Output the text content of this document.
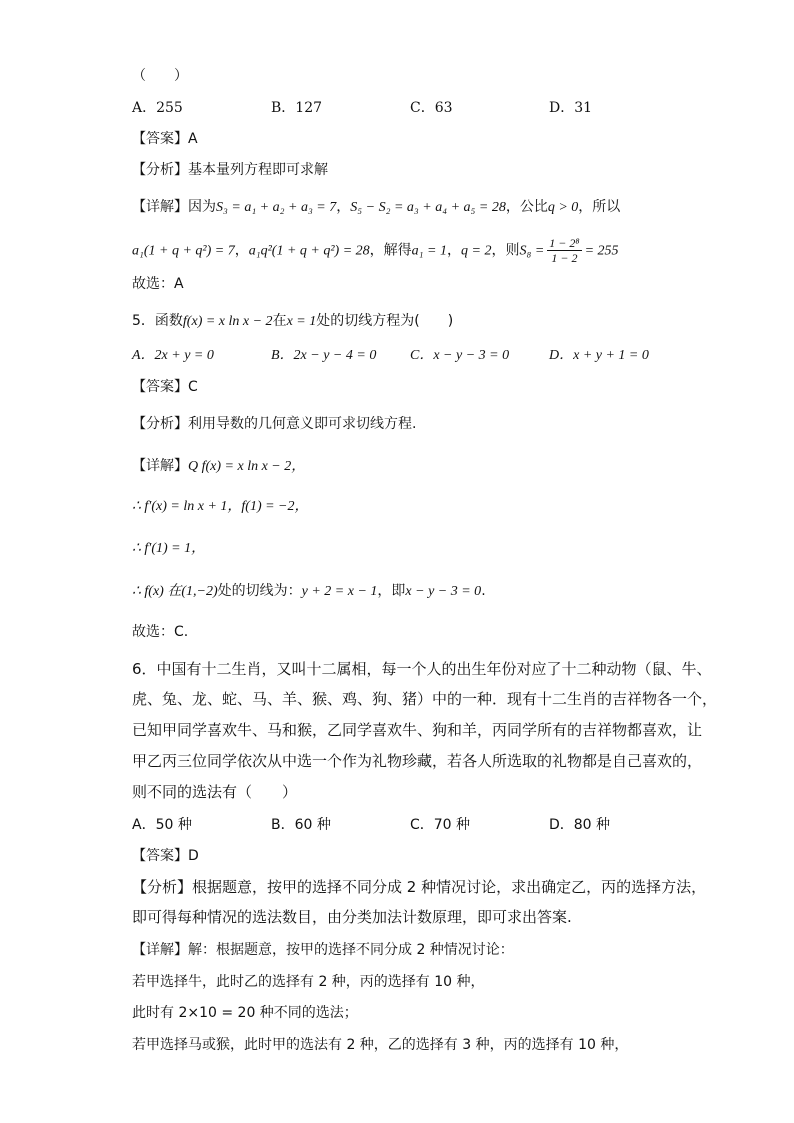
（　　）
A．255	B．127	C．63	D．31
【答案】A
【分析】基本量列方程即可求解
【详解】因为S₃ = a₁ + a₂ + a₃ = 7，S₅ − S₂ = a₃ + a₄ + a₅ = 28，公比q > 0，所以
a₁(1 + q + q²) = 7，a₁q²(1 + q + q²) = 28，解得a₁ = 1，q = 2，则$S_8 = \frac{\text{1 − 2⁸}}{1 - 2} = 255$
故选：A
5．函数f(x) = x ln x − 2在x = 1处的切线方程为(　　)
A．2x + y = 0	B．2x − y − 4 = 0 C．x − y − 3 = 0	D．x + y + 1 = 0
【答案】C
【分析】利用导数的几何意义即可求切线方程.
【详解】Q f(x) = x ln x − 2，
∴ f′(x) = ln x + 1，f(1) = −2，
∴ f′(1) = 1，
∴ f(x) 在(1,−2)处的切线为：y + 2 = x − 1，即x − y − 3 = 0.
故选：C.
6．中国有十二生肖，又叫十二属相，每一个人的出生年份对应了十二种动物（鼠、牛、
虎、兔、龙、蛇、马、羊、猴、鸡、狗、猪）中的一种．现有十二生肖的吉祥物各一个，
已知甲同学喜欢牛、马和猴，乙同学喜欢牛、狗和羊，丙同学所有的吉祥物都喜欢，让
甲乙丙三位同学依次从中选一个作为礼物珍藏，若各人所选取的礼物都是自己喜欢的，
则不同的选法有（　　）
A．50 种	B．60 种	C．70 种	D．80 种
【答案】D
【分析】根据题意，按甲的选择不同分成 2 种情况讨论，求出确定乙，丙的选择方法，
即可得每种情况的选法数目，由分类加法计数原理，即可求出答案.
【详解】解：根据题意，按甲的选择不同分成 2 种情况讨论：
若甲选择牛，此时乙的选择有 2 种，丙的选择有 10 种，
此时有 2×10 = 20 种不同的选法；
若甲选择马或猴，此时甲的选法有 2 种，乙的选择有 3 种，丙的选择有 10 种，
